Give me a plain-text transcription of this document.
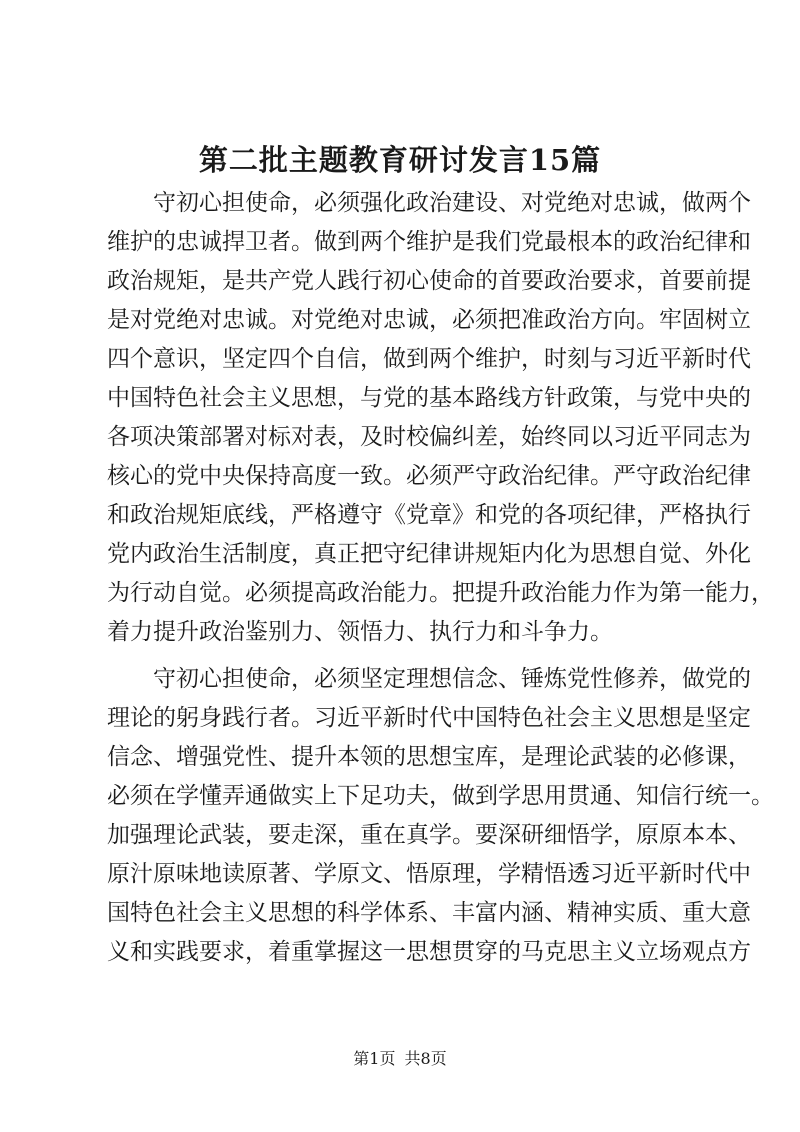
第二批主题教育研讨发言15篇
守初心担使命，必须强化政治建设、对党绝对忠诚，做两个
维护的忠诚捍卫者。做到两个维护是我们党最根本的政治纪律和
政治规矩，是共产党人践行初心使命的首要政治要求，首要前提
是对党绝对忠诚。对党绝对忠诚，必须把准政治方向。牢固树立
四个意识，坚定四个自信，做到两个维护，时刻与习近平新时代
中国特色社会主义思想，与党的基本路线方针政策，与党中央的
各项决策部署对标对表，及时校偏纠差，始终同以习近平同志为
核心的党中央保持高度一致。必须严守政治纪律。严守政治纪律
和政治规矩底线，严格遵守《党章》和党的各项纪律，严格执行
党内政治生活制度，真正把守纪律讲规矩内化为思想自觉、外化
为行动自觉。必须提高政治能力。把提升政治能力作为第一能力，
着力提升政治鉴别力、领悟力、执行力和斗争力。
守初心担使命，必须坚定理想信念、锤炼党性修养，做党的
理论的躬身践行者。习近平新时代中国特色社会主义思想是坚定
信念、增强党性、提升本领的思想宝库，是理论武装的必修课，
必须在学懂弄通做实上下足功夫，做到学思用贯通、知信行统一。
加强理论武装，要走深，重在真学。要深研细悟学，原原本本、
原汁原味地读原著、学原文、悟原理，学精悟透习近平新时代中
国特色社会主义思想的科学体系、丰富内涵、精神实质、重大意
义和实践要求，着重掌握这一思想贯穿的马克思主义立场观点方
第1页 共8页
